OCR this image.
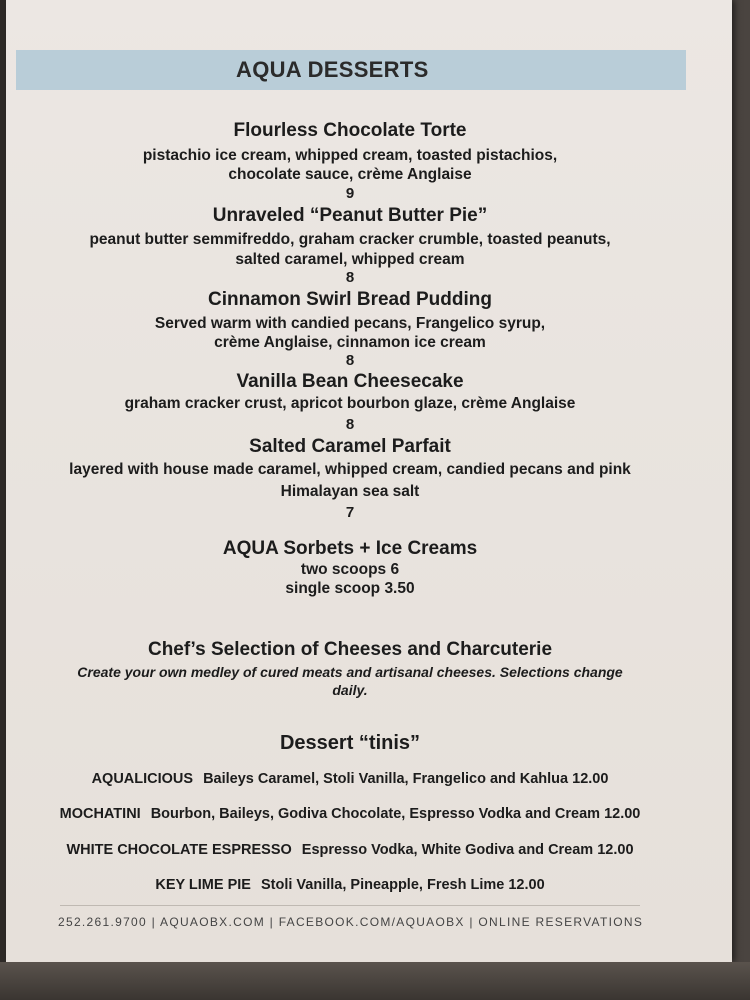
AQUA DESSERTS
Flourless Chocolate Torte
pistachio ice cream, whipped cream, toasted pistachios,
chocolate sauce, crème Anglaise
9
Unraveled “Peanut Butter Pie”
peanut butter semmifreddo, graham cracker crumble, toasted peanuts,
salted caramel, whipped cream
8
Cinnamon Swirl Bread Pudding
Served warm with candied pecans, Frangelico syrup,
crème Anglaise, cinnamon ice cream
8
Vanilla Bean Cheesecake
graham cracker crust, apricot bourbon glaze, crème Anglaise
8
Salted Caramel Parfait
layered with house made caramel, whipped cream, candied pecans and pink
Himalayan sea salt
7
AQUA Sorbets + Ice Creams
two scoops 6
single scoop 3.50
Chef’s Selection of Cheeses and Charcuterie
Create your own medley of cured meats and artisanal cheeses. Selections change
daily.
Dessert “tinis”
AQUALICIOUS Baileys Caramel, Stoli Vanilla, Frangelico and Kahlua 12.00
MOCHATINI Bourbon, Baileys, Godiva Chocolate, Espresso Vodka and Cream 12.00
WHITE CHOCOLATE ESPRESSO Espresso Vodka, White Godiva and Cream 12.00
KEY LIME PIE Stoli Vanilla, Pineapple, Fresh Lime 12.00
252.261.9700 | AQUAOBX.COM | FACEBOOK.COM/AQUAOBX | ONLINE RESERVATIONS
